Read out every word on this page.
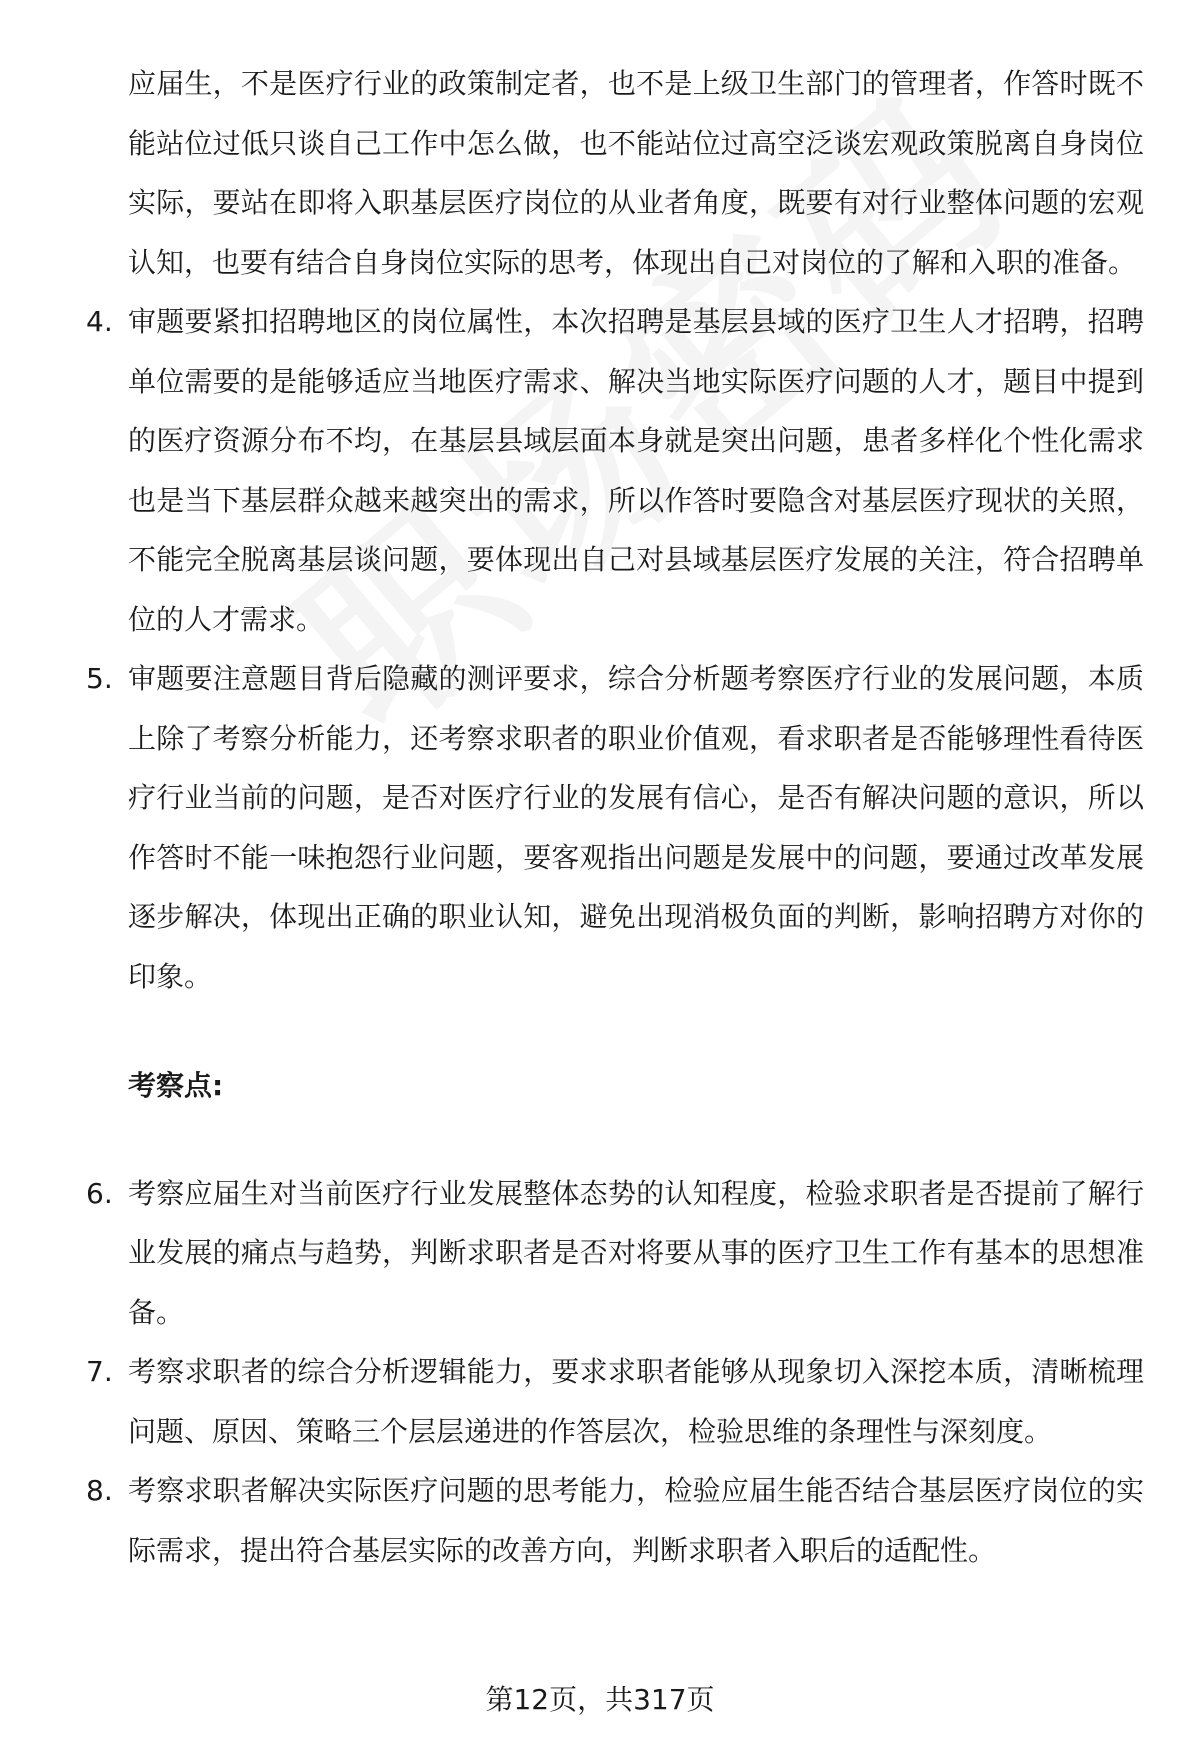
应届生，不是医疗行业的政策制定者，也不是上级卫生部门的管理者，作答时既不能站位过低只谈自己工作中怎么做，也不能站位过高空泛谈宏观政策脱离自身岗位实际，要站在即将入职基层医疗岗位的从业者角度，既要有对行业整体问题的宏观认知，也要有结合自身岗位实际的思考，体现出自己对岗位的了解和入职的准备。

4. 审题要紧扣招聘地区的岗位属性，本次招聘是基层县域的医疗卫生人才招聘，招聘单位需要的是能够适应当地医疗需求、解决当地实际医疗问题的人才，题目中提到的医疗资源分布不均，在基层县域层面本身就是突出问题，患者多样化个性化需求也是当下基层群众越来越突出的需求，所以作答时要隐含对基层医疗现状的关照，不能完全脱离基层谈问题，要体现出自己对县域基层医疗发展的关注，符合招聘单位的人才需求。
5. 审题要注意题目背后隐藏的测评要求，综合分析题考察医疗行业的发展问题，本质上除了考察分析能力，还考察求职者的职业价值观，看求职者是否能够理性看待医疗行业当前的问题，是否对医疗行业的发展有信心，是否有解决问题的意识，所以作答时不能一味抱怨行业问题，要客观指出问题是发展中的问题，要通过改革发展逐步解决，体现出正确的职业认知，避免出现消极负面的判断，影响招聘方对你的印象。
考察点:
6. 考察应届生对当前医疗行业发展整体态势的认知程度，检验求职者是否提前了解行业发展的痛点与趋势，判断求职者是否对将要从事的医疗卫生工作有基本的思想准备。
7. 考察求职者的综合分析逻辑能力，要求求职者能够从现象切入深挖本质，清晰梳理问题、原因、策略三个层层递进的作答层次，检验思维的条理性与深刻度。
8. 考察求职者解决实际医疗问题的思考能力，检验应届生能否结合基层医疗岗位的实际需求，提出符合基层实际的改善方向，判断求职者入职后的适配性。
第12页，共317页
